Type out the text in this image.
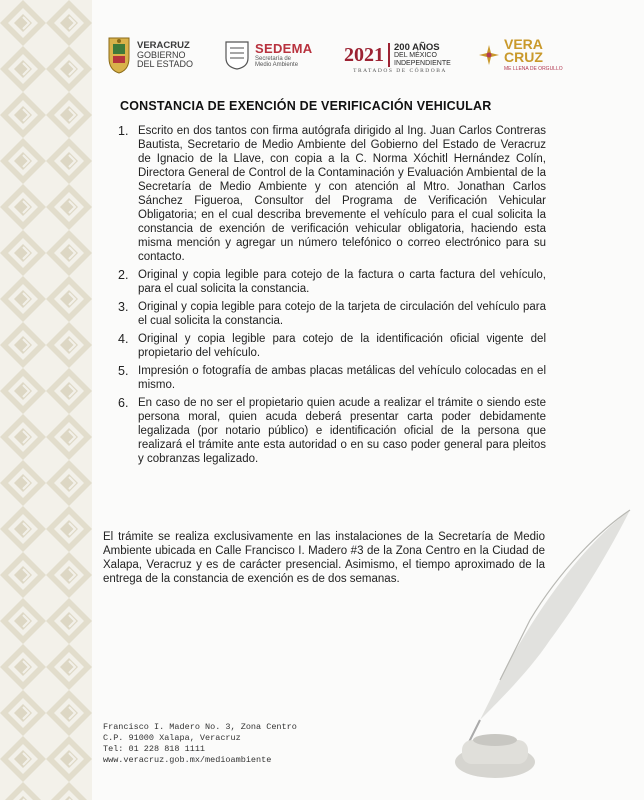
VERACRUZ
GOBIERNO
DEL ESTADO
SEDEMA
Secretaría de
Medio Ambiente	2021 200 AÑOS
DEL MÉXICO
INDEPENDIENTE
TRATADOS DE CÓRDOBA
VERA
CRUZ
ME LLENA DE ORGULLO
CONSTANCIA DE EXENCIÓN DE VERIFICACIÓN VEHICULAR
1. Escrito en dos tantos con firma autógrafa dirigido al Ing. Juan Carlos Contreras Bautista, Secretario de Medio Ambiente del Gobierno del Estado de Veracruz de Ignacio de la Llave, con copia a la C. Norma Xóchitl Hernández Colín, Directora General de Control de la Contaminación y Evaluación Ambiental de la Secretaría de Medio Ambiente y con atención al Mtro. Jonathan Carlos Sánchez Figueroa, Consultor del Programa de Verificación Vehicular Obligatoria; en el cual describa brevemente el vehículo para el cual solicita la constancia de exención de verificación vehicular obligatoria, haciendo esta misma mención y agregar un número telefónico o correo electrónico para su contacto.
2. Original y copia legible para cotejo de la factura o carta factura del vehículo, para el cual solicita la constancia.
3. Original y copia legible para cotejo de la tarjeta de circulación del vehículo para el cual solicita la constancia.
4. Original y copia legible para cotejo de la identificación oficial vigente del propietario del vehículo.
5. Impresión o fotografía de ambas placas metálicas del vehículo colocadas en el mismo.
6. En caso de no ser el propietario quien acude a realizar el trámite o siendo este persona moral, quien acuda deberá presentar carta poder debidamente legalizada (por notario público) e identificación oficial de la persona que realizará el trámite ante esta autoridad o en su caso poder general para pleitos y cobranzas legalizado.

El trámite se realiza exclusivamente en las instalaciones de la Secretaría de Medio Ambiente ubicada en Calle Francisco I. Madero #3 de la Zona Centro en la Ciudad de Xalapa, Veracruz y es de carácter presencial. Asimismo, el tiempo aproximado de la entrega de la constancia de exención es de dos semanas.

Francisco I. Madero No. 3, Zona Centro
C.P. 91000 Xalapa, Veracruz
Tel: 01 228 818 1111
www.veracruz.gob.mx/medioambiente
